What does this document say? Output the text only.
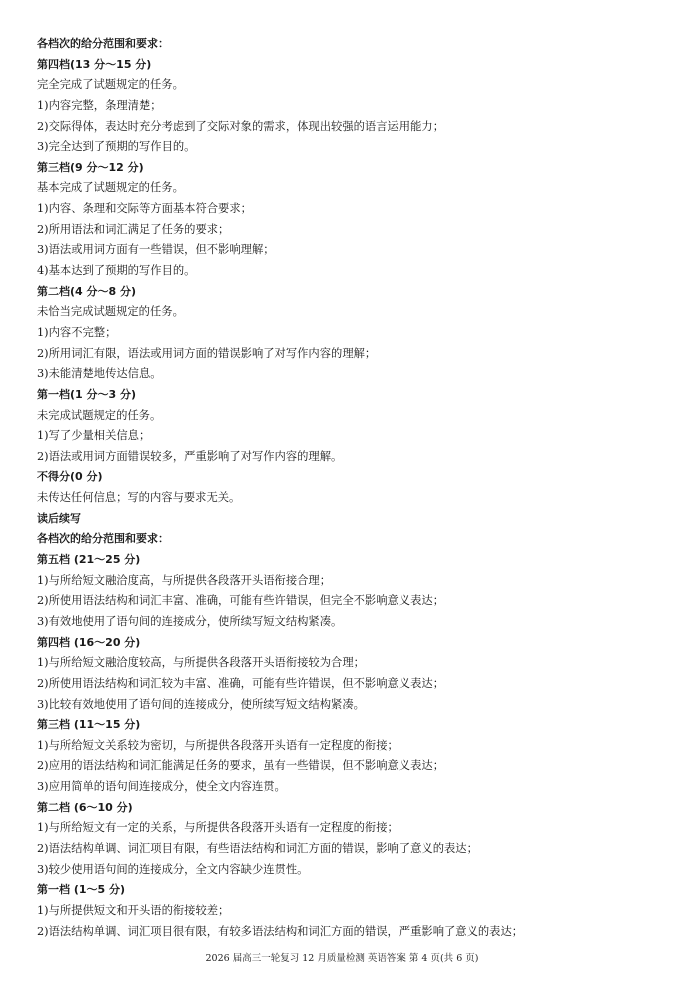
各档次的给分范围和要求：
第四档(13 分～15 分)
完全完成了试题规定的任务。
1)内容完整，条理清楚；
2)交际得体，表达时充分考虑到了交际对象的需求，体现出较强的语言运用能力；
3)完全达到了预期的写作目的。
第三档(9 分～12 分)
基本完成了试题规定的任务。
1)内容、条理和交际等方面基本符合要求；
2)所用语法和词汇满足了任务的要求；
3)语法或用词方面有一些错误，但不影响理解；
4)基本达到了预期的写作目的。
第二档(4 分～8 分)
未恰当完成试题规定的任务。
1)内容不完整；
2)所用词汇有限，语法或用词方面的错误影响了对写作内容的理解；
3)未能清楚地传达信息。
第一档(1 分～3 分)
未完成试题规定的任务。
1)写了少量相关信息；
2)语法或用词方面错误较多，严重影响了对写作内容的理解。
不得分(0 分)
未传达任何信息；写的内容与要求无关。
读后续写
各档次的给分范围和要求：
第五档 (21～25 分)
1)与所给短文融洽度高，与所提供各段落开头语衔接合理；
2)所使用语法结构和词汇丰富、准确，可能有些许错误，但完全不影响意义表达；
3)有效地使用了语句间的连接成分，使所续写短文结构紧凑。
第四档 (16～20 分)
1)与所给短文融洽度较高，与所提供各段落开头语衔接较为合理；
2)所使用语法结构和词汇较为丰富、准确，可能有些许错误，但不影响意义表达；
3)比较有效地使用了语句间的连接成分，使所续写短文结构紧凑。
第三档 (11～15 分)
1)与所给短文关系较为密切，与所提供各段落开头语有一定程度的衔接；
2)应用的语法结构和词汇能满足任务的要求，虽有一些错误，但不影响意义表达；
3)应用简单的语句间连接成分，使全文内容连贯。
第二档 (6～10 分)
1)与所给短文有一定的关系，与所提供各段落开头语有一定程度的衔接；
2)语法结构单调、词汇项目有限，有些语法结构和词汇方面的错误，影响了意义的表达；
3)较少使用语句间的连接成分，全文内容缺少连贯性。
第一档 (1～5 分)
1)与所提供短文和开头语的衔接较差；
2)语法结构单调、词汇项目很有限，有较多语法结构和词汇方面的错误，严重影响了意义的表达；
2026 届高三一轮复习 12 月质量检测 英语答案 第 4 页(共 6 页)
